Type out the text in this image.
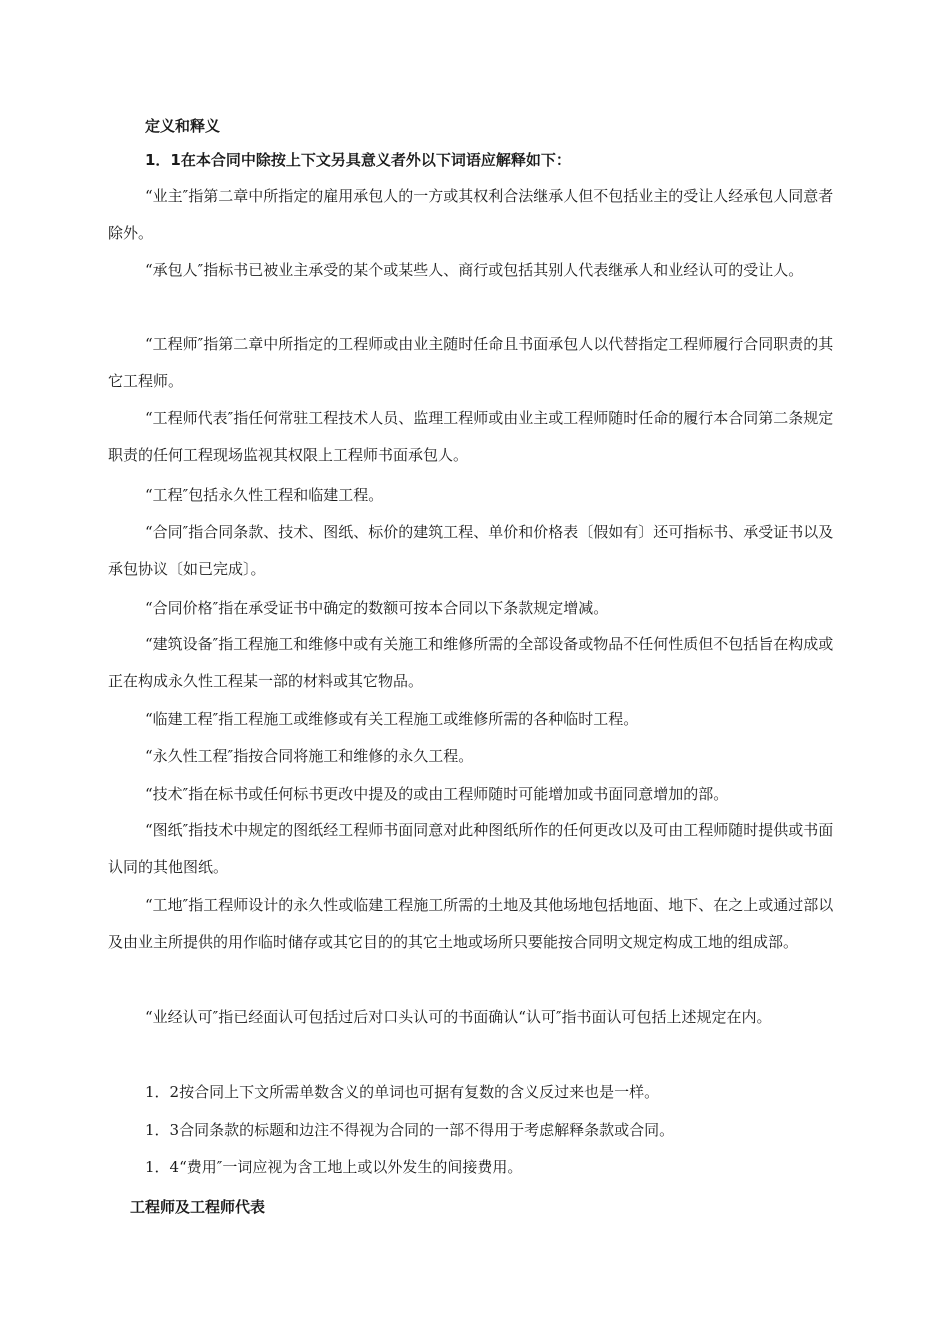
定义和释义

1．1在本合同中除按上下文另具意义者外以下词语应解释如下：

“业主″指第二章中所指定的雇用承包人的一方或其权利合法继承人但不包括业主的受让人经承包人同意者除外。

“承包人″指标书已被业主承受的某个或某些人、商行或包括其别人代表继承人和业经认可的受让人。

“工程师″指第二章中所指定的工程师或由业主随时任命且书面承包人以代替指定工程师履行合同职责的其它工程师。

“工程师代表″指任何常驻工程技术人员、监理工程师或由业主或工程师随时任命的履行本合同第二条规定职责的任何工程现场监视其权限上工程师书面承包人。

“工程″包括永久性工程和临建工程。

“合同″指合同条款、技术、图纸、标价的建筑工程、单价和价格表〔假如有〕还可指标书、承受证书以及承包协议〔如已完成〕。

“合同价格″指在承受证书中确定的数额可按本合同以下条款规定增减。

“建筑设备″指工程施工和维修中或有关施工和维修所需的全部设备或物品不任何性质但不包括旨在构成或正在构成永久性工程某一部的材料或其它物品。

“临建工程″指工程施工或维修或有关工程施工或维修所需的各种临时工程。

“永久性工程″指按合同将施工和维修的永久工程。

“技术″指在标书或任何标书更改中提及的或由工程师随时可能增加或书面同意增加的部。

“图纸″指技术中规定的图纸经工程师书面同意对此种图纸所作的任何更改以及可由工程师随时提供或书面认同的其他图纸。

“工地″指工程师设计的永久性或临建工程施工所需的土地及其他场地包括地面、地下、在之上或通过部以及由业主所提供的用作临时储存或其它目的的其它土地或场所只要能按合同明文规定构成工地的组成部。

“业经认可″指已经面认可包括过后对口头认可的书面确认“认可″指书面认可包括上述规定在内。

1．2按合同上下文所需单数含义的单词也可据有复数的含义反过来也是一样。

1．3合同条款的标题和边注不得视为合同的一部不得用于考虑解释条款或合同。

1．4“费用″一词应视为含工地上或以外发生的间接费用。

工程师及工程师代表
